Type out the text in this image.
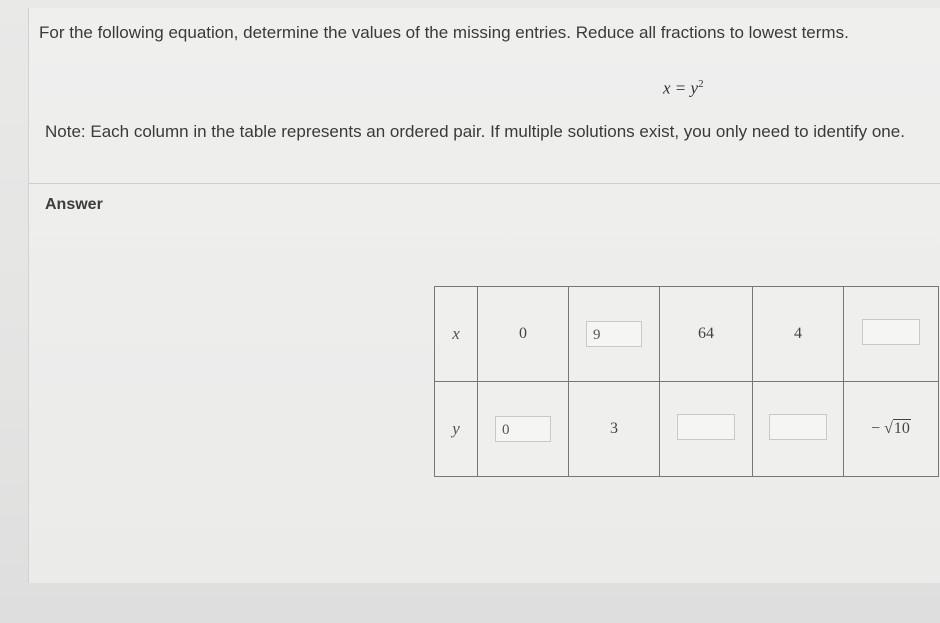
For the following equation, determine the values of the missing entries. Reduce all fractions to lowest terms.
$x = y^2$
Note: Each column in the table represents an ordered pair. If multiple solutions exist, you only need to identify one.
Answer
x	0	9	64	4	
y	0	3			− √10
